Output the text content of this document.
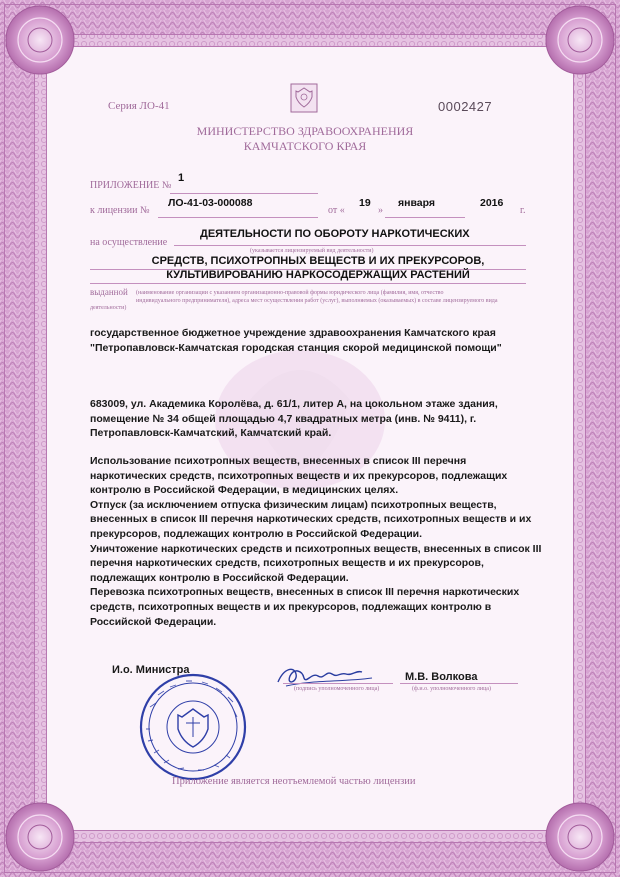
Серия ЛО-41	0002427
МИНИСТЕРСТВО ЗДРАВООХРАНЕНИЯ
КАМЧАТСКОГО КРАЯ
ПРИЛОЖЕНИЕ №
1
к лицензии №
ЛО-41-03-000088
от «
19
»
января	2016
г.
на осуществление
ДЕЯТЕЛЬНОСТИ ПО ОБОРОТУ НАРКОТИЧЕСКИХ
(указывается лицензируемый вид деятельности)
СРЕДСТВ, ПСИХОТРОПНЫХ ВЕЩЕСТВ И ИХ ПРЕКУРСОРОВ,
КУЛЬТИВИРОВАНИЮ НАРКОСОДЕРЖАЩИХ РАСТЕНИЙ
выданной (наименование организации с указанием организационно-правовой формы юридического лица (фамилия, имя, отчество
индивидуального предпринимателя), адреса мест осуществления работ (услуг), выполняемых (оказываемых) в составе лицензируемого вида
деятельности)
государственное бюджетное учреждение здравоохранения Камчатского края "Петропавловск-Камчатская городская станция скорой медицинской помощи"
683009, ул. Академика Королёва, д. 61/1, литер А, на цокольном этаже здания, помещение № 34 общей площадью 4,7 квадратных метра (инв. № 9411), г. Петропавловск-Камчатский, Камчатский край.

Использование психотропных веществ, внесенных в список III перечня наркотических средств, психотропных веществ и их прекурсоров, подлежащих контролю в Российской Федерации, в медицинских целях.

Отпуск (за исключением отпуска физическим лицам) психотропных веществ, внесенных в список III перечня наркотических средств, психотропных веществ и их прекурсоров, подлежащих контролю в Российской Федерации.

Уничтожение наркотических средств и психотропных веществ, внесенных в список III перечня наркотических средств, психотропных веществ и их прекурсоров, подлежащих контролю в Российской Федерации.

Перевозка психотропных веществ, внесенных в список III перечня наркотических средств, психотропных веществ и их прекурсоров, подлежащих контролю в Российской Федерации.

И.о. Министра
(подпись уполномоченного лица)
М.В. Волкова
(ф.и.о. уполномоченного лица)
Приложение является неотъемлемой частью лицензии
